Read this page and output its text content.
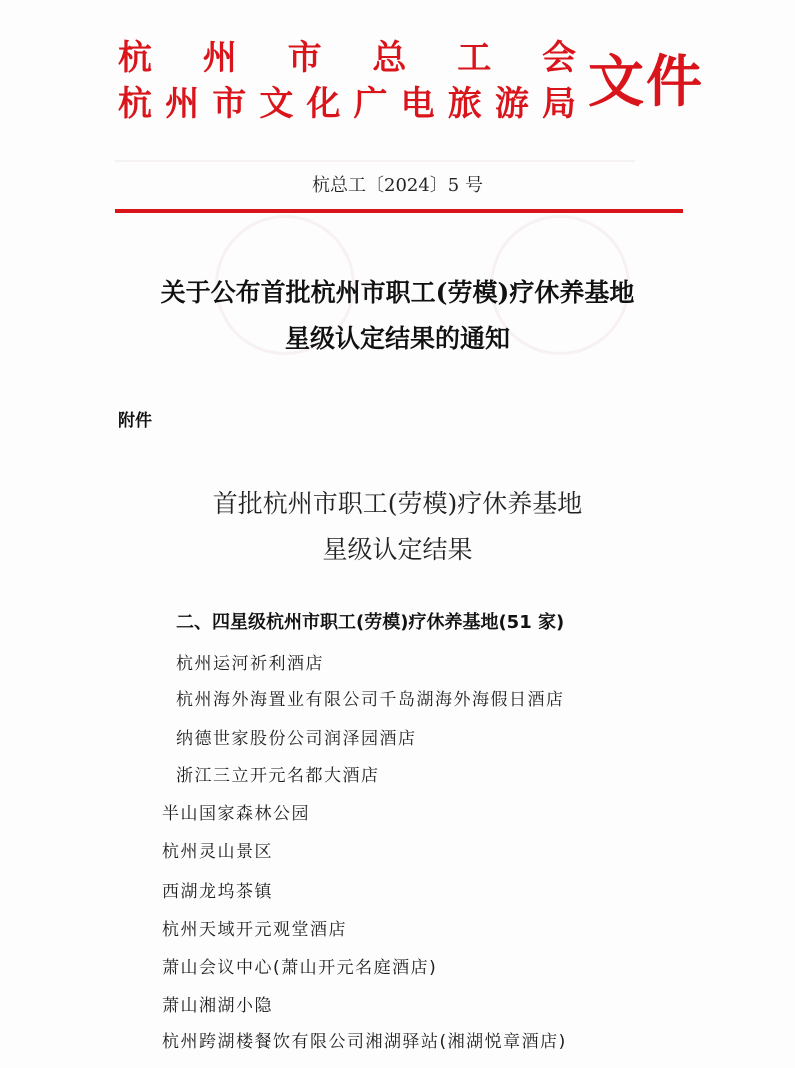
杭 州 市 总 工 会
杭 州 市 文 化 广 电 旅 游 局 文件
杭总工〔2024〕5 号
关于公布首批杭州市职工(劳模)疗休养基地
星级认定结果的通知
附件
首批杭州市职工(劳模)疗休养基地
星级认定结果
二、四星级杭州市职工(劳模)疗休养基地(51 家)
杭州运河祈利酒店
杭州海外海置业有限公司千岛湖海外海假日酒店
纳德世家股份公司润泽园酒店
浙江三立开元名都大酒店
半山国家森林公园
杭州灵山景区
西湖龙坞茶镇
杭州天域开元观堂酒店
萧山会议中心(萧山开元名庭酒店)
萧山湘湖小隐
杭州跨湖楼餐饮有限公司湘湖驿站(湘湖悦章酒店)
